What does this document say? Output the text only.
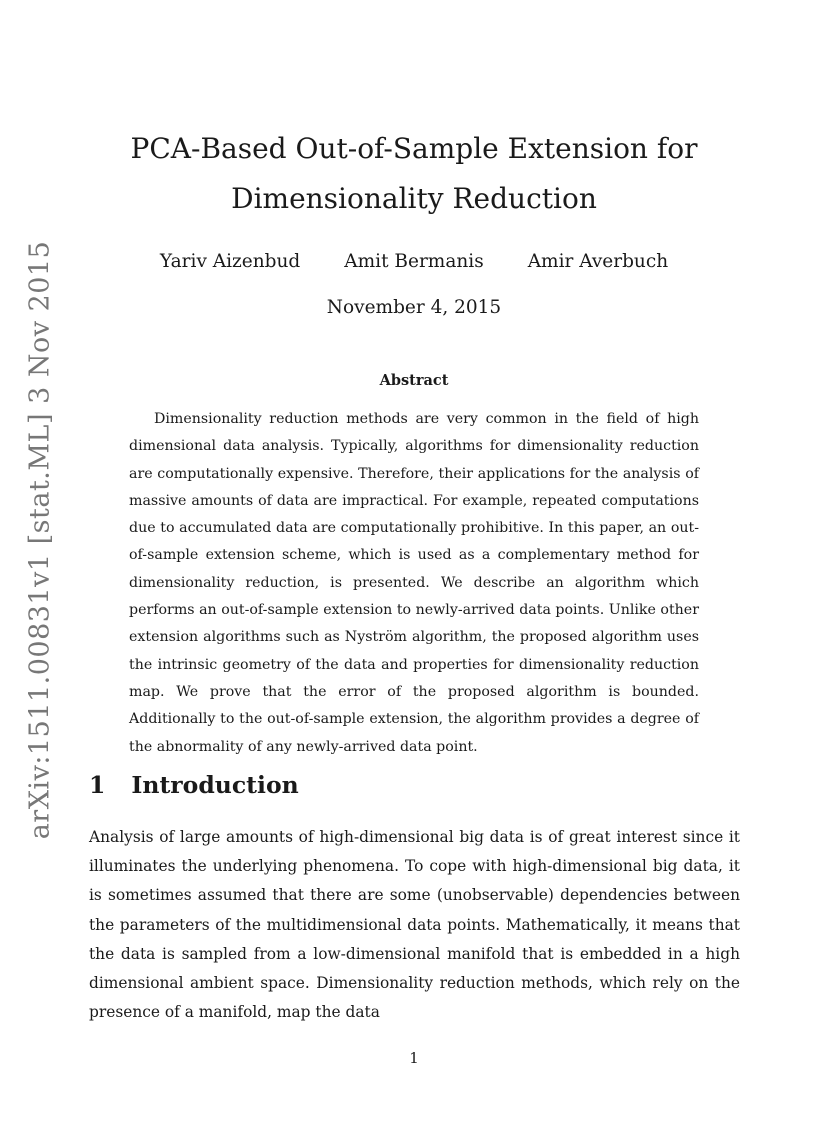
arXiv:1511.00831v1 [stat.ML] 3 Nov 2015
PCA-Based Out-of-Sample Extension for
Dimensionality Reduction
Yariv Aizenbud Amit Bermanis Amir Averbuch
November 4, 2015
Abstract

Dimensionality reduction methods are very common in the field of high dimensional data analysis. Typically, algorithms for dimensionality reduction are computationally expensive. Therefore, their applications for the analysis of massive amounts of data are impractical. For example, repeated computations due to accumulated data are computationally prohibitive. In this paper, an out-of-sample extension scheme, which is used as a complementary method for dimensionality reduction, is presented. We describe an algorithm which performs an out-of-sample extension to newly-arrived data points. Unlike other extension algorithms such as Nyström algorithm, the proposed algorithm uses the intrinsic geometry of the data and properties for dimensionality reduction map. We prove that the error of the proposed algorithm is bounded. Additionally to the out-of-sample extension, the algorithm provides a degree of the abnormality of any newly-arrived data point.

1 Introduction

Analysis of large amounts of high-dimensional big data is of great interest since it illuminates the underlying phenomena. To cope with high-dimensional big data, it is sometimes assumed that there are some (unobservable) dependencies between the parameters of the multidimensional data points. Mathematically, it means that the data is sampled from a low-dimensional manifold that is embedded in a high dimensional ambient space. Dimensionality reduction methods, which rely on the presence of a manifold, map the data

1
